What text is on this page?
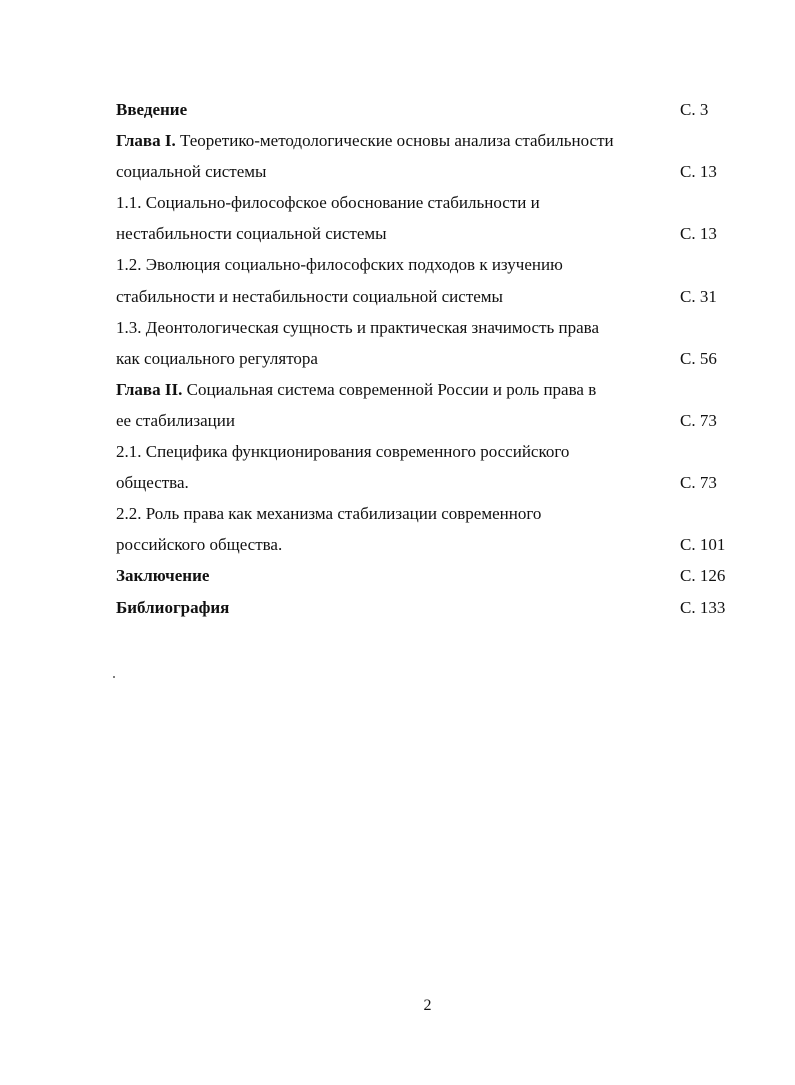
Введение	С. 3
Глава I. Теоретико-методологические основы анализа стабильности
социальной системы	С. 13
1.1. Социально-философское обоснование стабильности и
нестабильности социальной системы	С. 13
1.2. Эволюция социально-философских подходов к изучению
стабильности и нестабильности социальной системы	С. 31
1.3. Деонтологическая сущность и практическая значимость права
как социального регулятора	С. 56
Глава II. Социальная система современной России и роль права в
ее стабилизации	С. 73
2.1. Специфика функционирования современного российского
общества.	С. 73
2.2. Роль права как механизма стабилизации современного
российского общества.	С. 101
Заключение	С. 126
Библиография	С. 133
2
